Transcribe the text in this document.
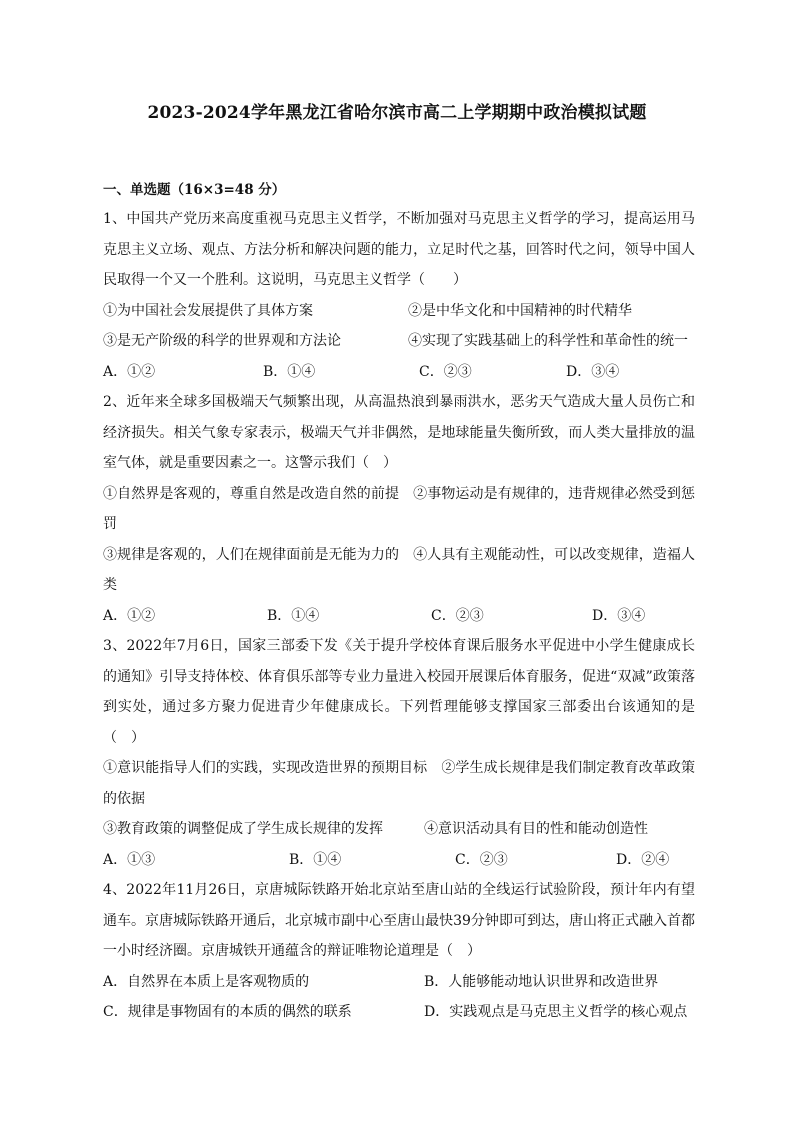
2023-2024学年黑龙江省哈尔滨市高二上学期期中政治模拟试题
一、单选题（16×3=48 分）
1、中国共产党历来高度重视马克思主义哲学，不断加强对马克思主义哲学的学习，提高运用马克思主义立场、观点、方法分析和解决问题的能力，立足时代之基，回答时代之问，领导中国人民取得一个又一个胜利。这说明，马克思主义哲学（　　）
①为中国社会发展提供了具体方案	②是中华文化和中国精神的时代精华
③是无产阶级的科学的世界观和方法论	④实现了实践基础上的科学性和革命性的统一
A．①②	B．①④	C．②③	D．③④
2、近年来全球多国极端天气频繁出现，从高温热浪到暴雨洪水，恶劣天气造成大量人员伤亡和经济损失。相关气象专家表示，极端天气并非偶然，是地球能量失衡所致，而人类大量排放的温室气体，就是重要因素之一。这警示我们（　）
①自然界是客观的，尊重自然是改造自然的前提　②事物运动是有规律的，违背规律必然受到惩罚
③规律是客观的，人们在规律面前是无能为力的　④人具有主观能动性，可以改变规律，造福人类
A．①②	B．①④	C．②③	D．③④
3、2022年7月6日，国家三部委下发《关于提升学校体育课后服务水平促进中小学生健康成长的通知》引导支持体校、体育俱乐部等专业力量进入校园开展课后体育服务，促进“双减”政策落到实处，通过多方聚力促进青少年健康成长。下列哲理能够支撑国家三部委出台该通知的是（　）
①意识能指导人们的实践，实现改造世界的预期目标　②学生成长规律是我们制定教育改革政策的依据
③教育政策的调整促成了学生成长规律的发挥	④意识活动具有目的性和能动创造性
A．①③	B．①④	C．②③	D．②④
4、2022年11月26日，京唐城际铁路开始北京站至唐山站的全线运行试验阶段，预计年内有望通车。京唐城际铁路开通后，北京城市副中心至唐山最快39分钟即可到达，唐山将正式融入首都一小时经济圈。京唐城铁开通蕴含的辩证唯物论道理是（　）
A．自然界在本质上是客观物质的	B．人能够能动地认识世界和改造世界
C．规律是事物固有的本质的偶然的联系	D．实践观点是马克思主义哲学的核心观点
